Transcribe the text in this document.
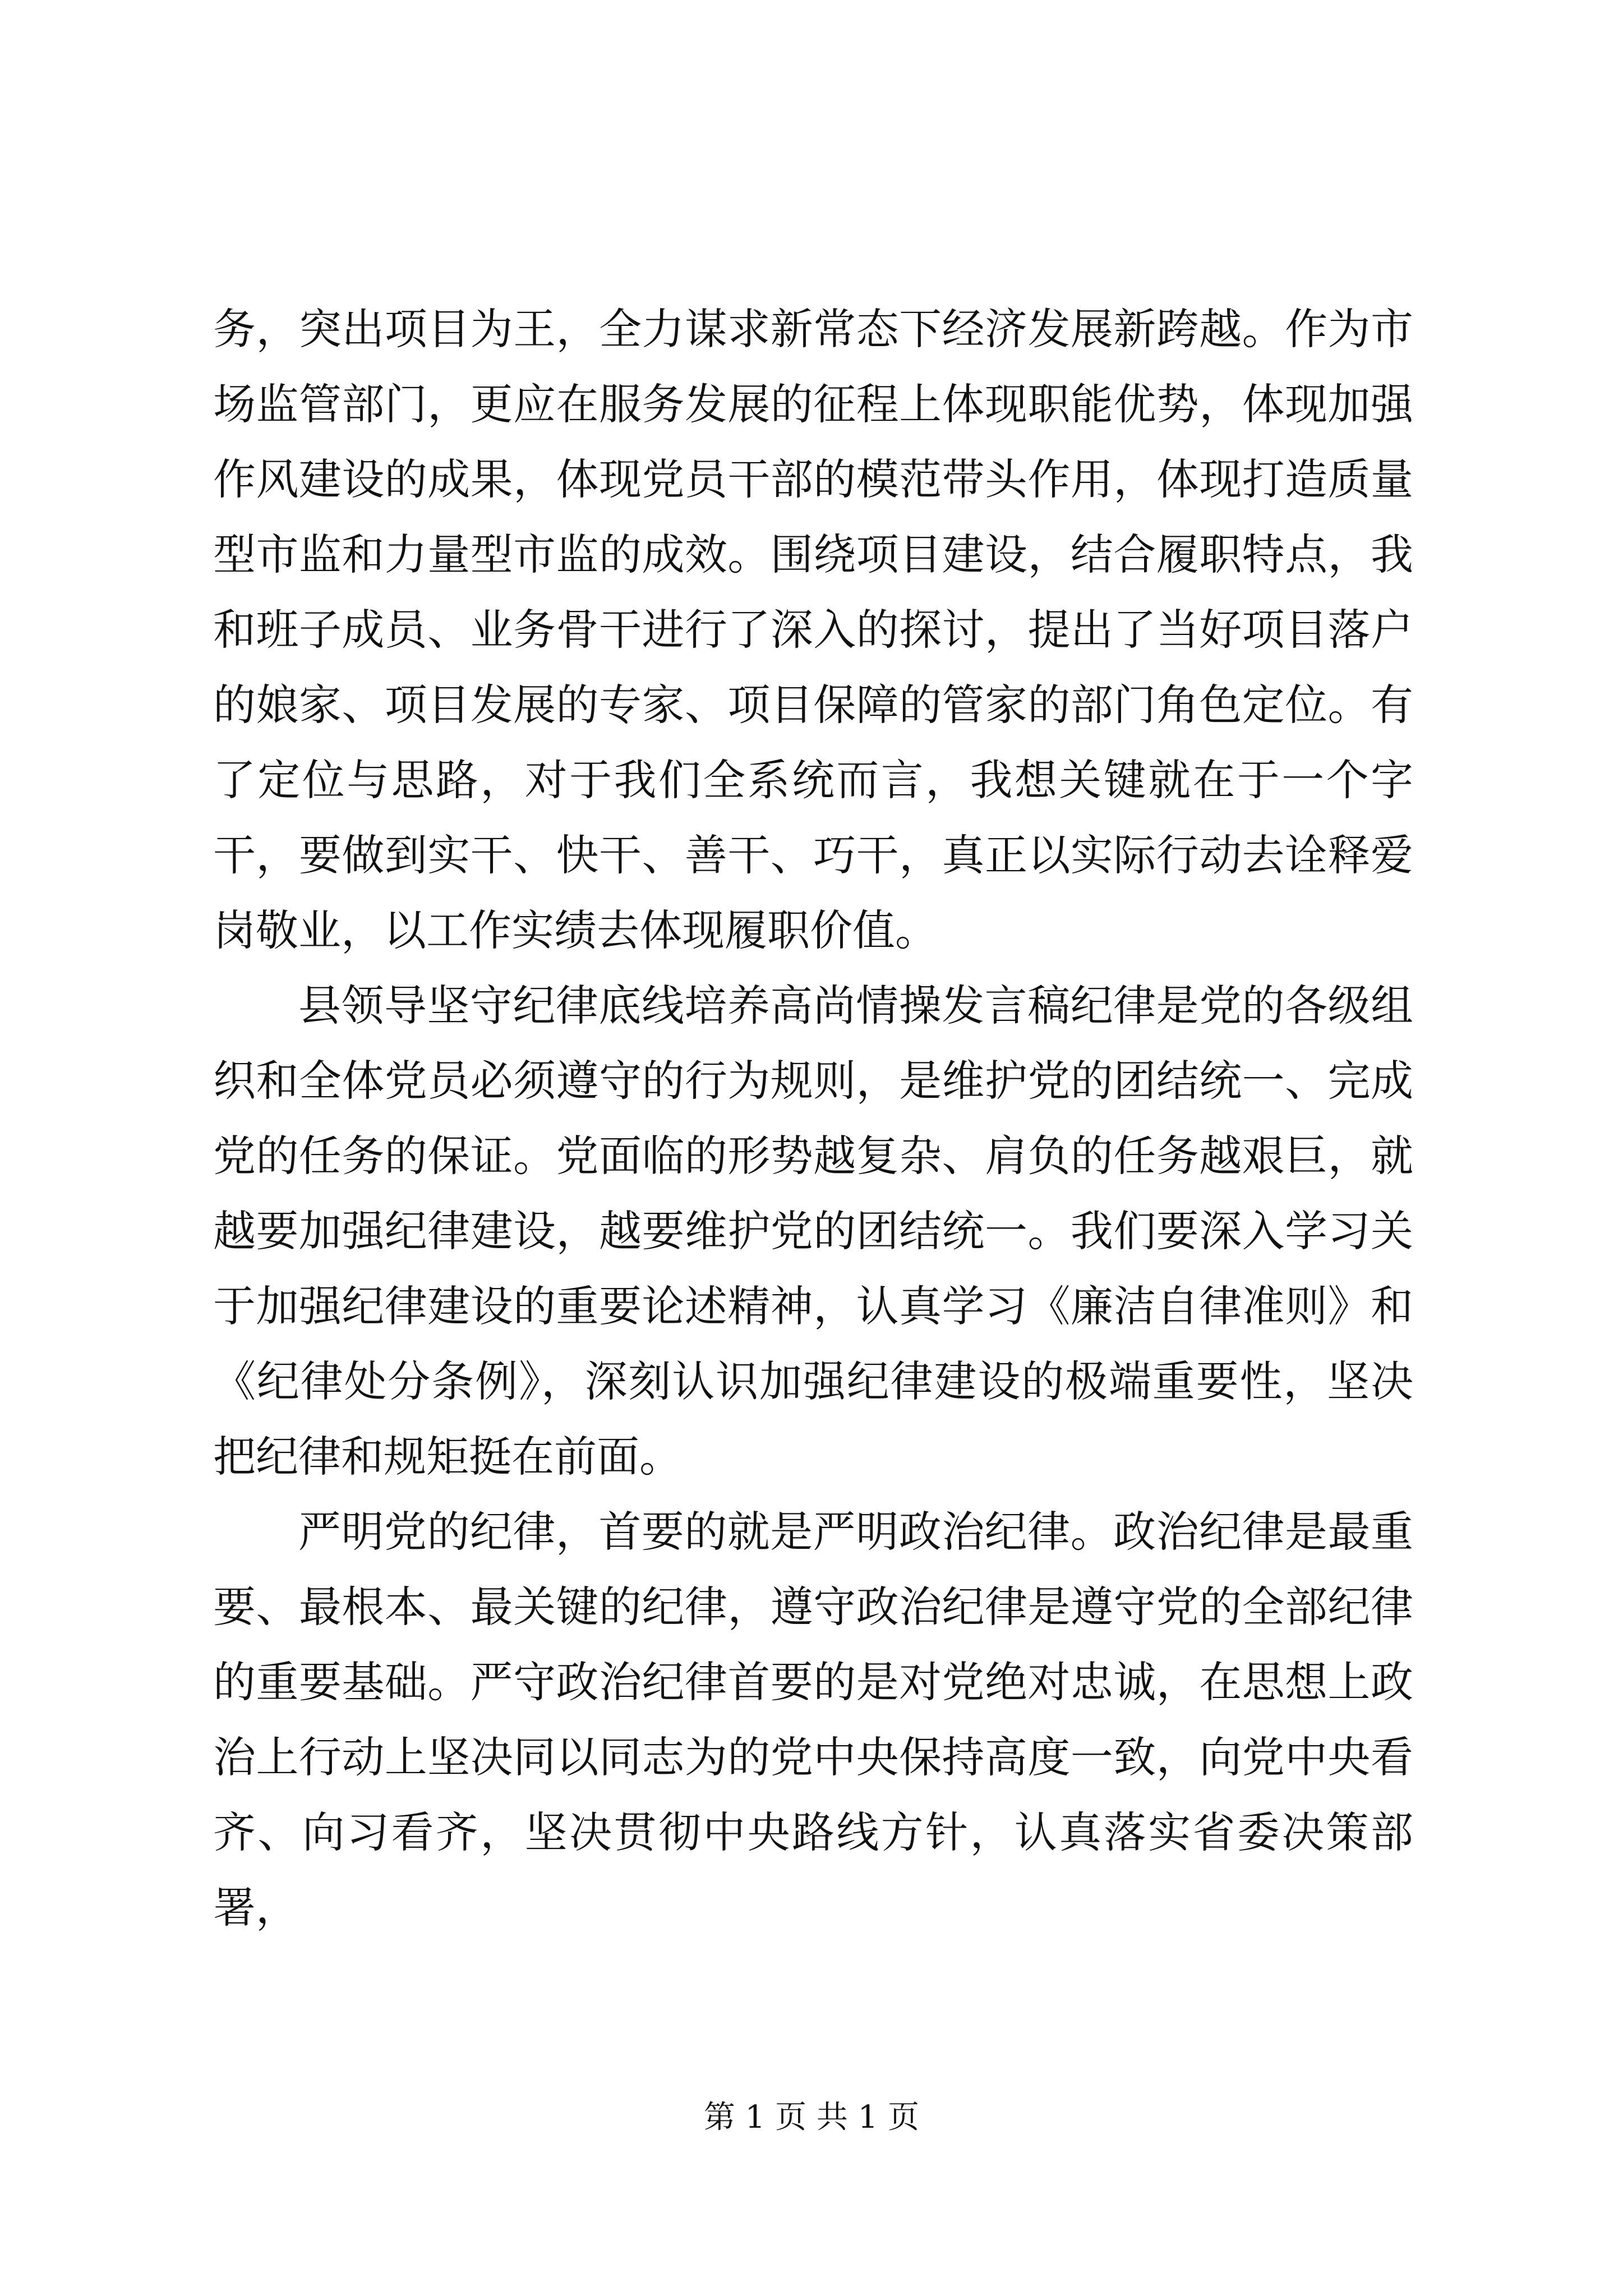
务，突出项目为王，全力谋求新常态下经济发展新跨越。作为市场监管部门，更应在服务发展的征程上体现职能优势，体现加强作风建设的成果，体现党员干部的模范带头作用，体现打造质量型市监和力量型市监的成效。围绕项目建设，结合履职特点，我和班子成员、业务骨干进行了深入的探讨，提出了当好项目落户的娘家、项目发展的专家、项目保障的管家的部门角色定位。有了定位与思路，对于我们全系统而言，我想关键就在于一个字干，要做到实干、快干、善干、巧干，真正以实际行动去诠释爱岗敬业，以工作实绩去体现履职价值。

县领导坚守纪律底线培养高尚情操发言稿纪律是党的各级组织和全体党员必须遵守的行为规则，是维护党的团结统一、完成党的任务的保证。党面临的形势越复杂、肩负的任务越艰巨，就越要加强纪律建设，越要维护党的团结统一。我们要深入学习关于加强纪律建设的重要论述精神，认真学习《廉洁自律准则》和《纪律处分条例》，深刻认识加强纪律建设的极端重要性，坚决把纪律和规矩挺在前面。

严明党的纪律，首要的就是严明政治纪律。政治纪律是最重要、最根本、最关键的纪律，遵守政治纪律是遵守党的全部纪律的重要基础。严守政治纪律首要的是对党绝对忠诚，在思想上政治上行动上坚决同以同志为的党中央保持高度一致，向党中央看齐、向习看齐，坚决贯彻中央路线方针，认真落实省委决策部署，

第 1 页 共 1 页
